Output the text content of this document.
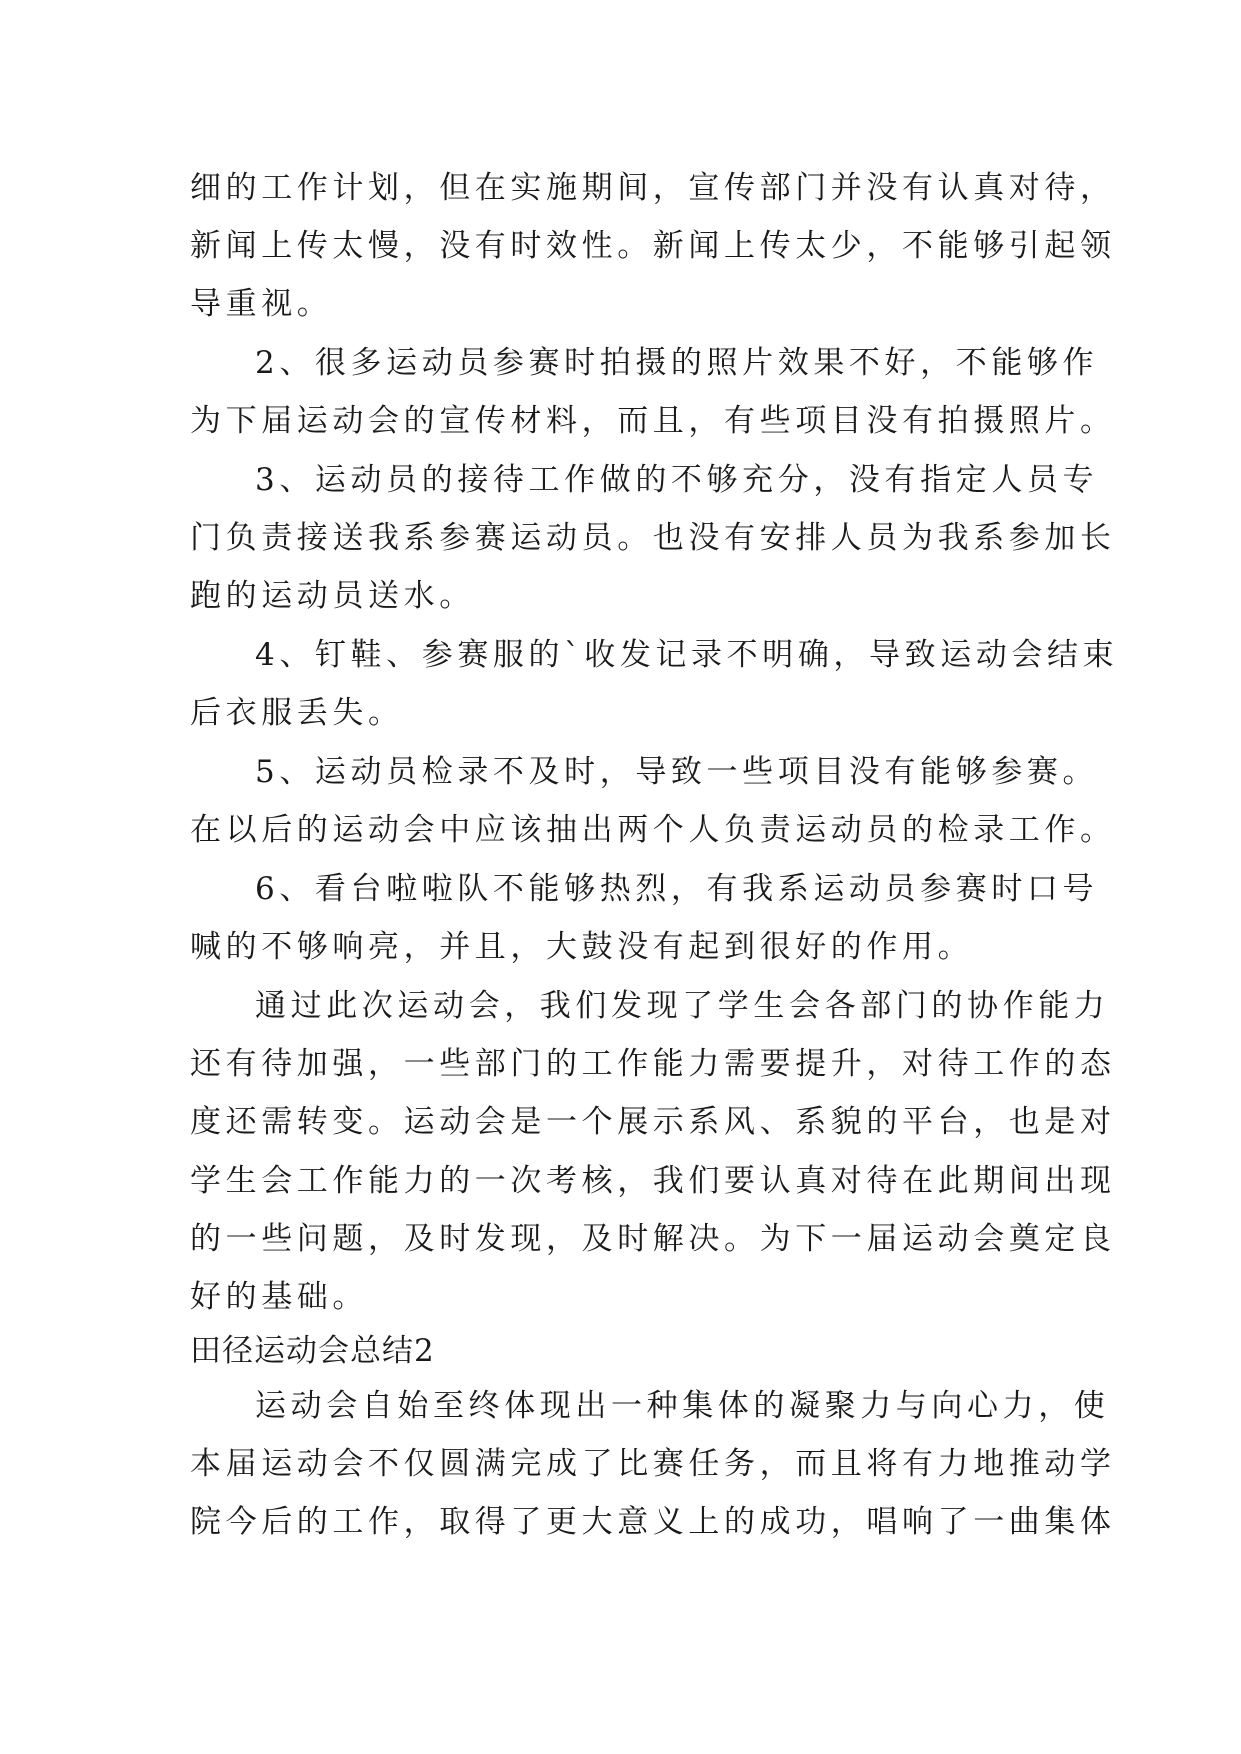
细的工作计划，但在实施期间，宣传部门并没有认真对待，
新闻上传太慢，没有时效性。新闻上传太少，不能够引起领
导重视。
2、很多运动员参赛时拍摄的照片效果不好，不能够作
为下届运动会的宣传材料，而且，有些项目没有拍摄照片。
3、运动员的接待工作做的不够充分，没有指定人员专
门负责接送我系参赛运动员。也没有安排人员为我系参加长
跑的运动员送水。
4、钉鞋、参赛服的`收发记录不明确，导致运动会结束
后衣服丢失。
5、运动员检录不及时，导致一些项目没有能够参赛。
在以后的运动会中应该抽出两个人负责运动员的检录工作。
6、看台啦啦队不能够热烈，有我系运动员参赛时口号
喊的不够响亮，并且，大鼓没有起到很好的作用。
通过此次运动会，我们发现了学生会各部门的协作能力
还有待加强，一些部门的工作能力需要提升，对待工作的态
度还需转变。运动会是一个展示系风、系貌的平台，也是对
学生会工作能力的一次考核，我们要认真对待在此期间出现
的一些问题，及时发现，及时解决。为下一届运动会奠定良
好的基础。
田径运动会总结2
运动会自始至终体现出一种集体的凝聚力与向心力，使
本届运动会不仅圆满完成了比赛任务，而且将有力地推动学
院今后的工作，取得了更大意义上的成功，唱响了一曲集体
